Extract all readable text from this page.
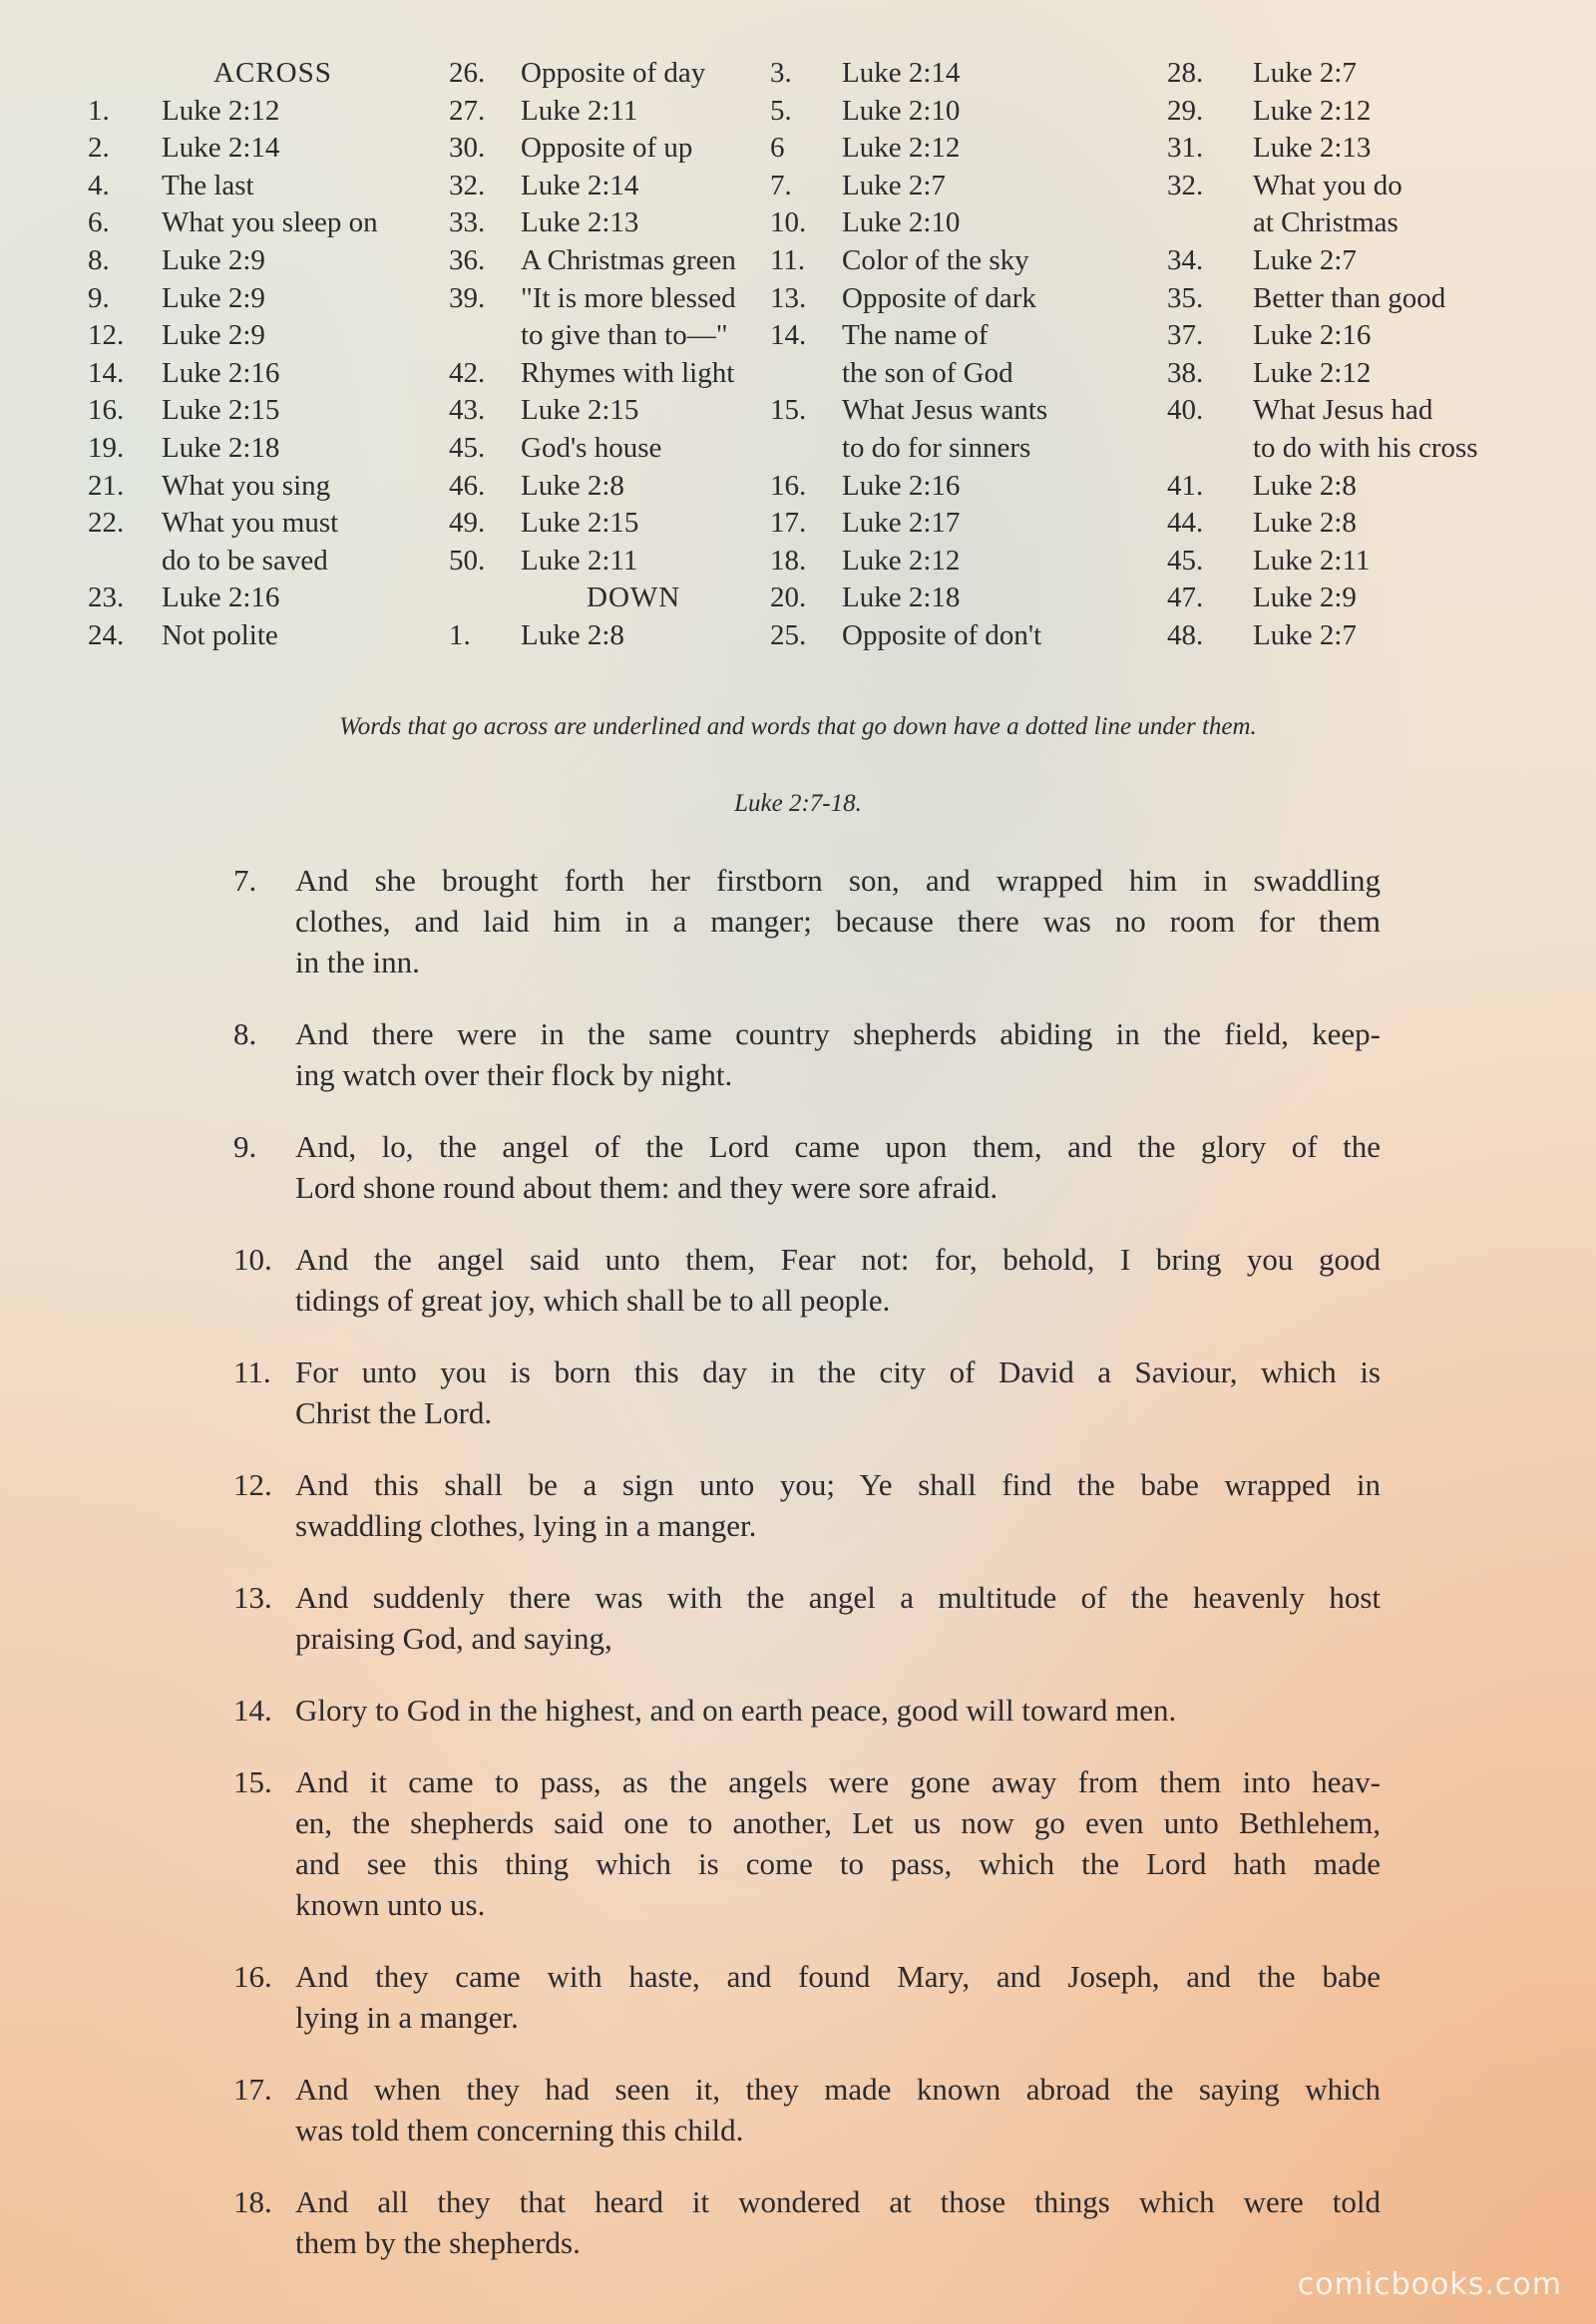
ACROSS
1.	Luke 2:12
2.	Luke 2:14
4.	The last
6.	What you sleep on
8.	Luke 2:9
9.	Luke 2:9
12.	Luke 2:9
14.	Luke 2:16
16.	Luke 2:15
19.	Luke 2:18
21.	What you sing
22.	What you must
do to be saved
23.	Luke 2:16
24.	Not polite
26.	Opposite of day
27.	Luke 2:11
30.	Opposite of up
32.	Luke 2:14
33.	Luke 2:13
36.	A Christmas green
39.	"It is more blessed
to give than to—"
42.	Rhymes with light
43.	Luke 2:15
45.	God's house
46.	Luke 2:8
49.	Luke 2:15
50.	Luke 2:11
DOWN
1.	Luke 2:8
3.	Luke 2:14
5.	Luke 2:10
6	Luke 2:12
7.	Luke 2:7
10.	Luke 2:10
11.	Color of the sky
13.	Opposite of dark
14.	The name of
the son of God
15.	What Jesus wants
to do for sinners
16.	Luke 2:16
17.	Luke 2:17
18.	Luke 2:12
20.	Luke 2:18
25.	Opposite of don't
28.	Luke 2:7
29.	Luke 2:12
31.	Luke 2:13
32.	What you do
at Christmas
34.	Luke 2:7
35.	Better than good
37.	Luke 2:16
38.	Luke 2:12
40.	What Jesus had
to do with his cross
41.	Luke 2:8
44.	Luke 2:8
45.	Luke 2:11
47.	Luke 2:9
48.	Luke 2:7
Words that go across are underlined and words that go down have a dotted line under them.
Luke 2:7-18.
7.	And she brought forth her firstborn son, and wrapped him in swaddling
clothes, and laid him in a manger; because there was no room for them
in the inn.
8.	And there were in the same country shepherds abiding in the field, keep-
ing watch over their flock by night.
9.	And, lo, the angel of the Lord came upon them, and the glory of the
Lord shone round about them: and they were sore afraid.
10. And the angel said unto them, Fear not: for, behold, I bring you good
tidings of great joy, which shall be to all people.
11. For unto you is born this day in the city of David a Saviour, which is
Christ the Lord.
12. And this shall be a sign unto you; Ye shall find the babe wrapped in
swaddling clothes, lying in a manger.
13. And suddenly there was with the angel a multitude of the heavenly host
praising God, and saying,
14. Glory to God in the highest, and on earth peace, good will toward men.
15. And it came to pass, as the angels were gone away from them into heav-
en, the shepherds said one to another, Let us now go even unto Bethlehem,
and see this thing which is come to pass, which the Lord hath made
known unto us.
16. And they came with haste, and found Mary, and Joseph, and the babe
lying in a manger.
17. And when they had seen it, they made known abroad the saying which
was told them concerning this child.
18. And all they that heard it wondered at those things which were told
them by the shepherds.
comicbooks.com
